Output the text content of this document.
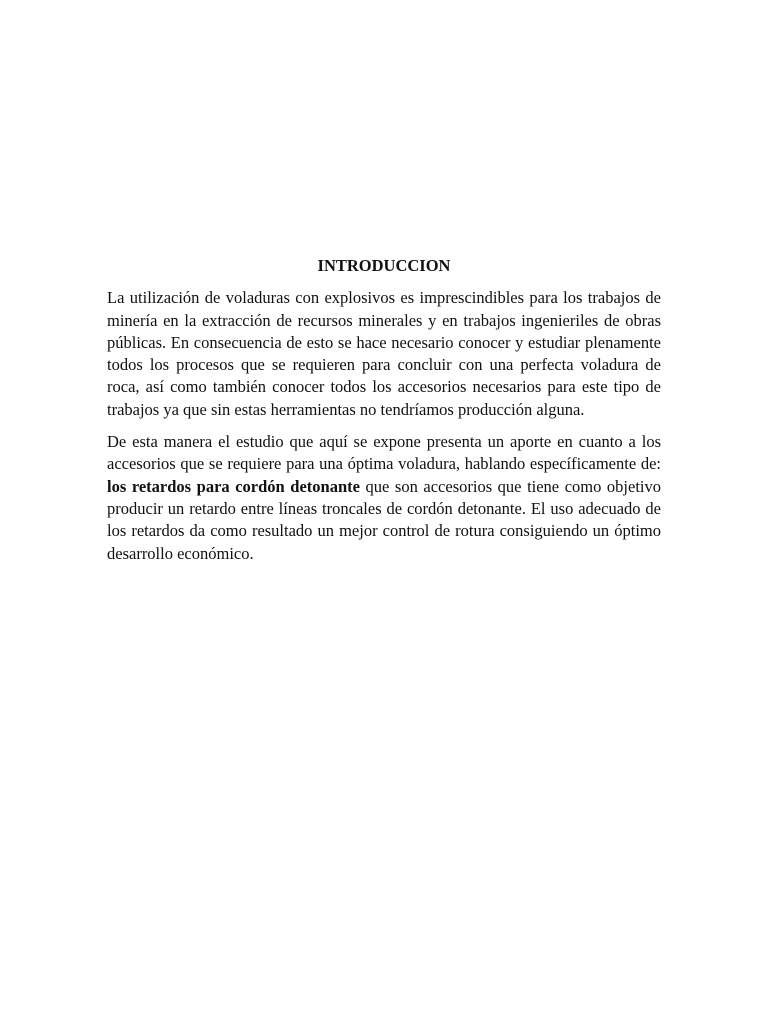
INTRODUCCION

La utilización de voladuras con explosivos es imprescindibles para los trabajos de minería en la extracción de recursos minerales y en trabajos ingenieriles de obras públicas. En consecuencia de esto se hace necesario conocer y estudiar plenamente todos los procesos que se requieren para concluir con una perfecta voladura de roca, así como también conocer todos los accesorios necesarios para este tipo de trabajos ya que sin estas herramientas no tendríamos producción alguna.

De esta manera el estudio que aquí se expone presenta un aporte en cuanto a los accesorios que se requiere para una óptima voladura, hablando específicamente de: los retardos para cordón detonante que son accesorios que tiene como objetivo producir un retardo entre líneas troncales de cordón detonante. El uso adecuado de los retardos da como resultado un mejor control de rotura consiguiendo un óptimo desarrollo económico.
